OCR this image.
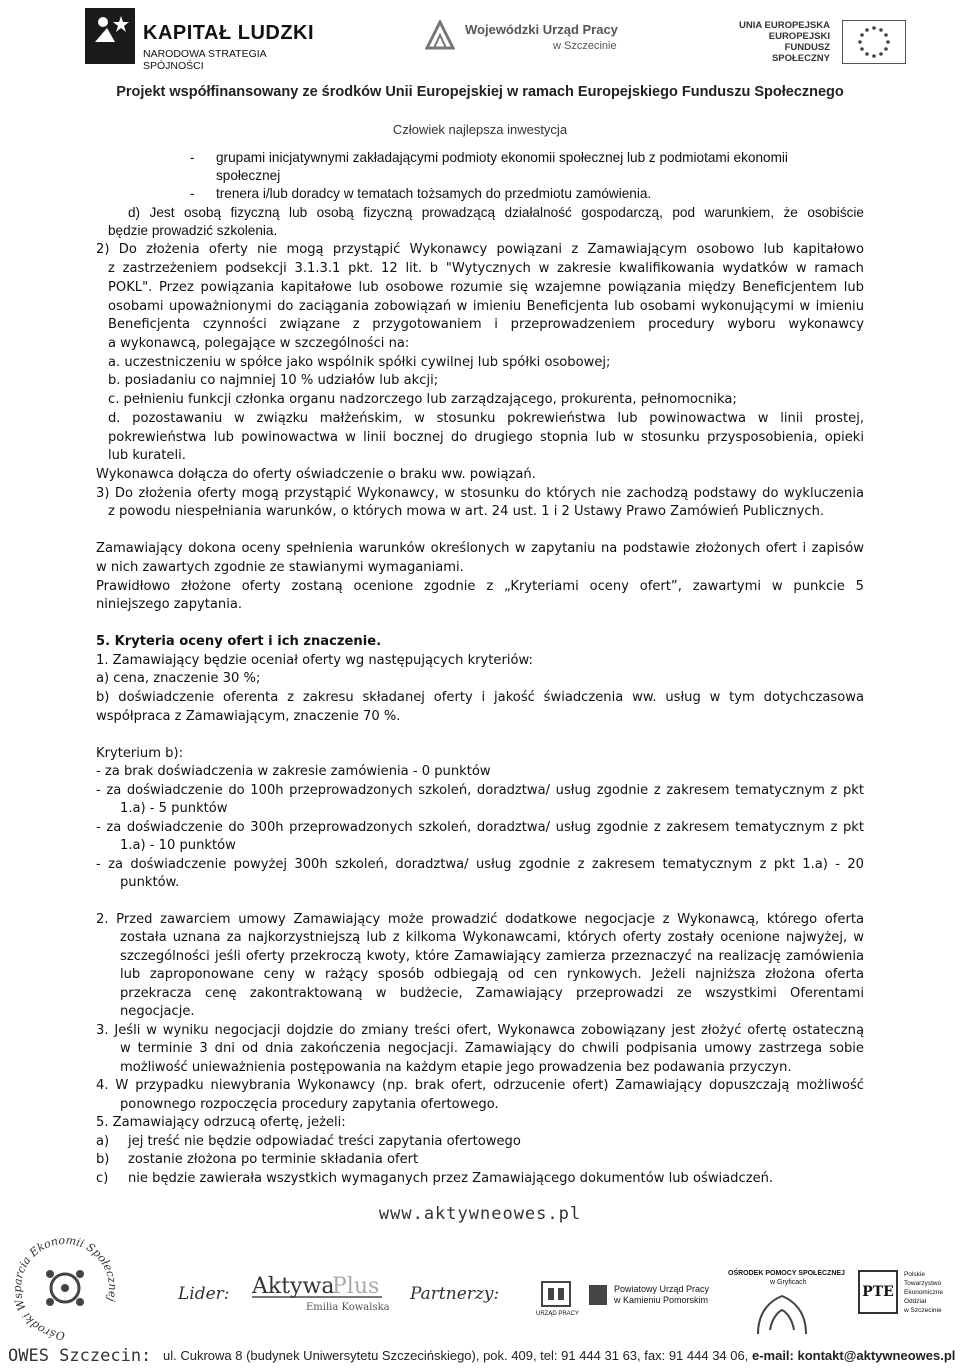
KAPITAŁ LUDZKI
NARODOWA STRATEGIA SPÓJNOŚCI
Wojewódzki Urząd Pracy
w Szczecinie
UNIA EUROPEJSKA
EUROPEJSKI
FUNDUSZ SPOŁECZNY
Projekt współfinansowany ze środków Unii Europejskiej w ramach Europejskiego Funduszu Społecznego
Człowiek najlepsza inwestycja
- grupami inicjatywnymi zakładającymi podmioty ekonomii społecznej lub z podmiotami ekonomii
społecznej
- trenera i/lub doradcy w tematach tożsamych do przedmiotu zamówienia.
d) Jest osobą fizyczną lub osobą fizyczną prowadzącą działalność gospodarczą, pod warunkiem, że osobiście
będzie prowadzić szkolenia.
2) Do złożenia oferty nie mogą przystąpić Wykonawcy powiązani z Zamawiającym osobowo lub kapitałowo
z zastrzeżeniem podsekcji 3.1.3.1 pkt. 12 lit. b "Wytycznych w zakresie kwalifikowania wydatków w ramach
POKL". Przez powiązania kapitałowe lub osobowe rozumie się wzajemne powiązania między Beneficjentem lub
osobami upoważnionymi do zaciągania zobowiązań w imieniu Beneficjenta lub osobami wykonującymi w imieniu
Beneficjenta czynności związane z przygotowaniem i przeprowadzeniem procedury wyboru wykonawcy
a wykonawcą, polegające w szczególności na:
a. uczestniczeniu w spółce jako wspólnik spółki cywilnej lub spółki osobowej;
b. posiadaniu co najmniej 10 % udziałów lub akcji;
c. pełnieniu funkcji członka organu nadzorczego lub zarządzającego, prokurenta, pełnomocnika;
d. pozostawaniu w związku małżeńskim, w stosunku pokrewieństwa lub powinowactwa w linii prostej,
pokrewieństwa lub powinowactwa w linii bocznej do drugiego stopnia lub w stosunku przysposobienia, opieki
lub kurateli.
Wykonawca dołącza do oferty oświadczenie o braku ww. powiązań.
3) Do złożenia oferty mogą przystąpić Wykonawcy, w stosunku do których nie zachodzą podstawy do wykluczenia
z powodu niespełniania warunków, o których mowa w art. 24 ust. 1 i 2 Ustawy Prawo Zamówień Publicznych.
Zamawiający dokona oceny spełnienia warunków określonych w zapytaniu na podstawie złożonych ofert i zapisów
w nich zawartych zgodnie ze stawianymi wymaganiami.
Prawidłowo złożone oferty zostaną ocenione zgodnie z „Kryteriami oceny ofert”, zawartymi w punkcie 5
niniejszego zapytania.
5. Kryteria oceny ofert i ich znaczenie.
1. Zamawiający będzie oceniał oferty wg następujących kryteriów:
a) cena, znaczenie 30 %;
b) doświadczenie oferenta z zakresu składanej oferty i jakość świadczenia ww. usług w tym dotychczasowa
współpraca z Zamawiającym, znaczenie 70 %.
Kryterium b):
- za brak doświadczenia w zakresie zamówienia - 0 punktów
- za doświadczenie do 100h przeprowadzonych szkoleń, doradztwa/ usług zgodnie z zakresem tematycznym z pkt
1.a) - 5 punktów
- za doświadczenie do 300h przeprowadzonych szkoleń, doradztwa/ usług zgodnie z zakresem tematycznym z pkt
1.a) - 10 punktów
- za doświadczenie powyżej 300h szkoleń, doradztwa/ usług zgodnie z zakresem tematycznym z pkt 1.a) - 20
punktów.
2. Przed zawarciem umowy Zamawiający może prowadzić dodatkowe negocjacje z Wykonawcą, którego oferta
została uznana za najkorzystniejszą lub z kilkoma Wykonawcami, których oferty zostały ocenione najwyżej, w
szczególności jeśli oferty przekroczą kwoty, które Zamawiający zamierza przeznaczyć na realizację zamówienia
lub zaproponowane ceny w rażący sposób odbiegają od cen rynkowych. Jeżeli najniższa złożona oferta
przekracza cenę zakontraktowaną w budżecie, Zamawiający przeprowadzi ze wszystkimi Oferentami
negocjacje.
3. Jeśli w wyniku negocjacji dojdzie do zmiany treści ofert, Wykonawca zobowiązany jest złożyć ofertę ostateczną
w terminie 3 dni od dnia zakończenia negocjacji. Zamawiający do chwili podpisania umowy zastrzega sobie
możliwość unieważnienia postępowania na każdym etapie jego prowadzenia bez podawania przyczyn.
4. W przypadku niewybrania Wykonawcy (np. brak ofert, odrzucenie ofert) Zamawiający dopuszczają możliwość
ponownego rozpoczęcia procedury zapytania ofertowego.
5. Zamawiający odrzucą ofertę, jeżeli:
a) jej treść nie będzie odpowiadać treści zapytania ofertowego
b) zostanie złożona po terminie składania ofert
c) nie będzie zawierała wszystkich wymaganych przez Zamawiającego dokumentów lub oświadczeń.
www.aktywneowes.pl
Ośrodki Wsparcia Ekonomii Społecznej	Lider: Aktywa
Plus
Emilia Kowalska
Partnerzy:
URZĄD PRACY
Powiatowy Urząd Pracy
w Kamieniu Pomorskim
OŚRODEK POMOCY SPOŁECZNEJ
w Gryficach
PTE
Polskie
Towarzystwo
Ekonomiczne
Oddział
w Szczecinie
OWES Szczecin: ul. Cukrowa 8 (budynek Uniwersytetu Szczecińskiego), pok. 409, tel: 91 444 31 63, fax: 91 444 34 06, e-mail: kontakt@aktywneowes.pl
